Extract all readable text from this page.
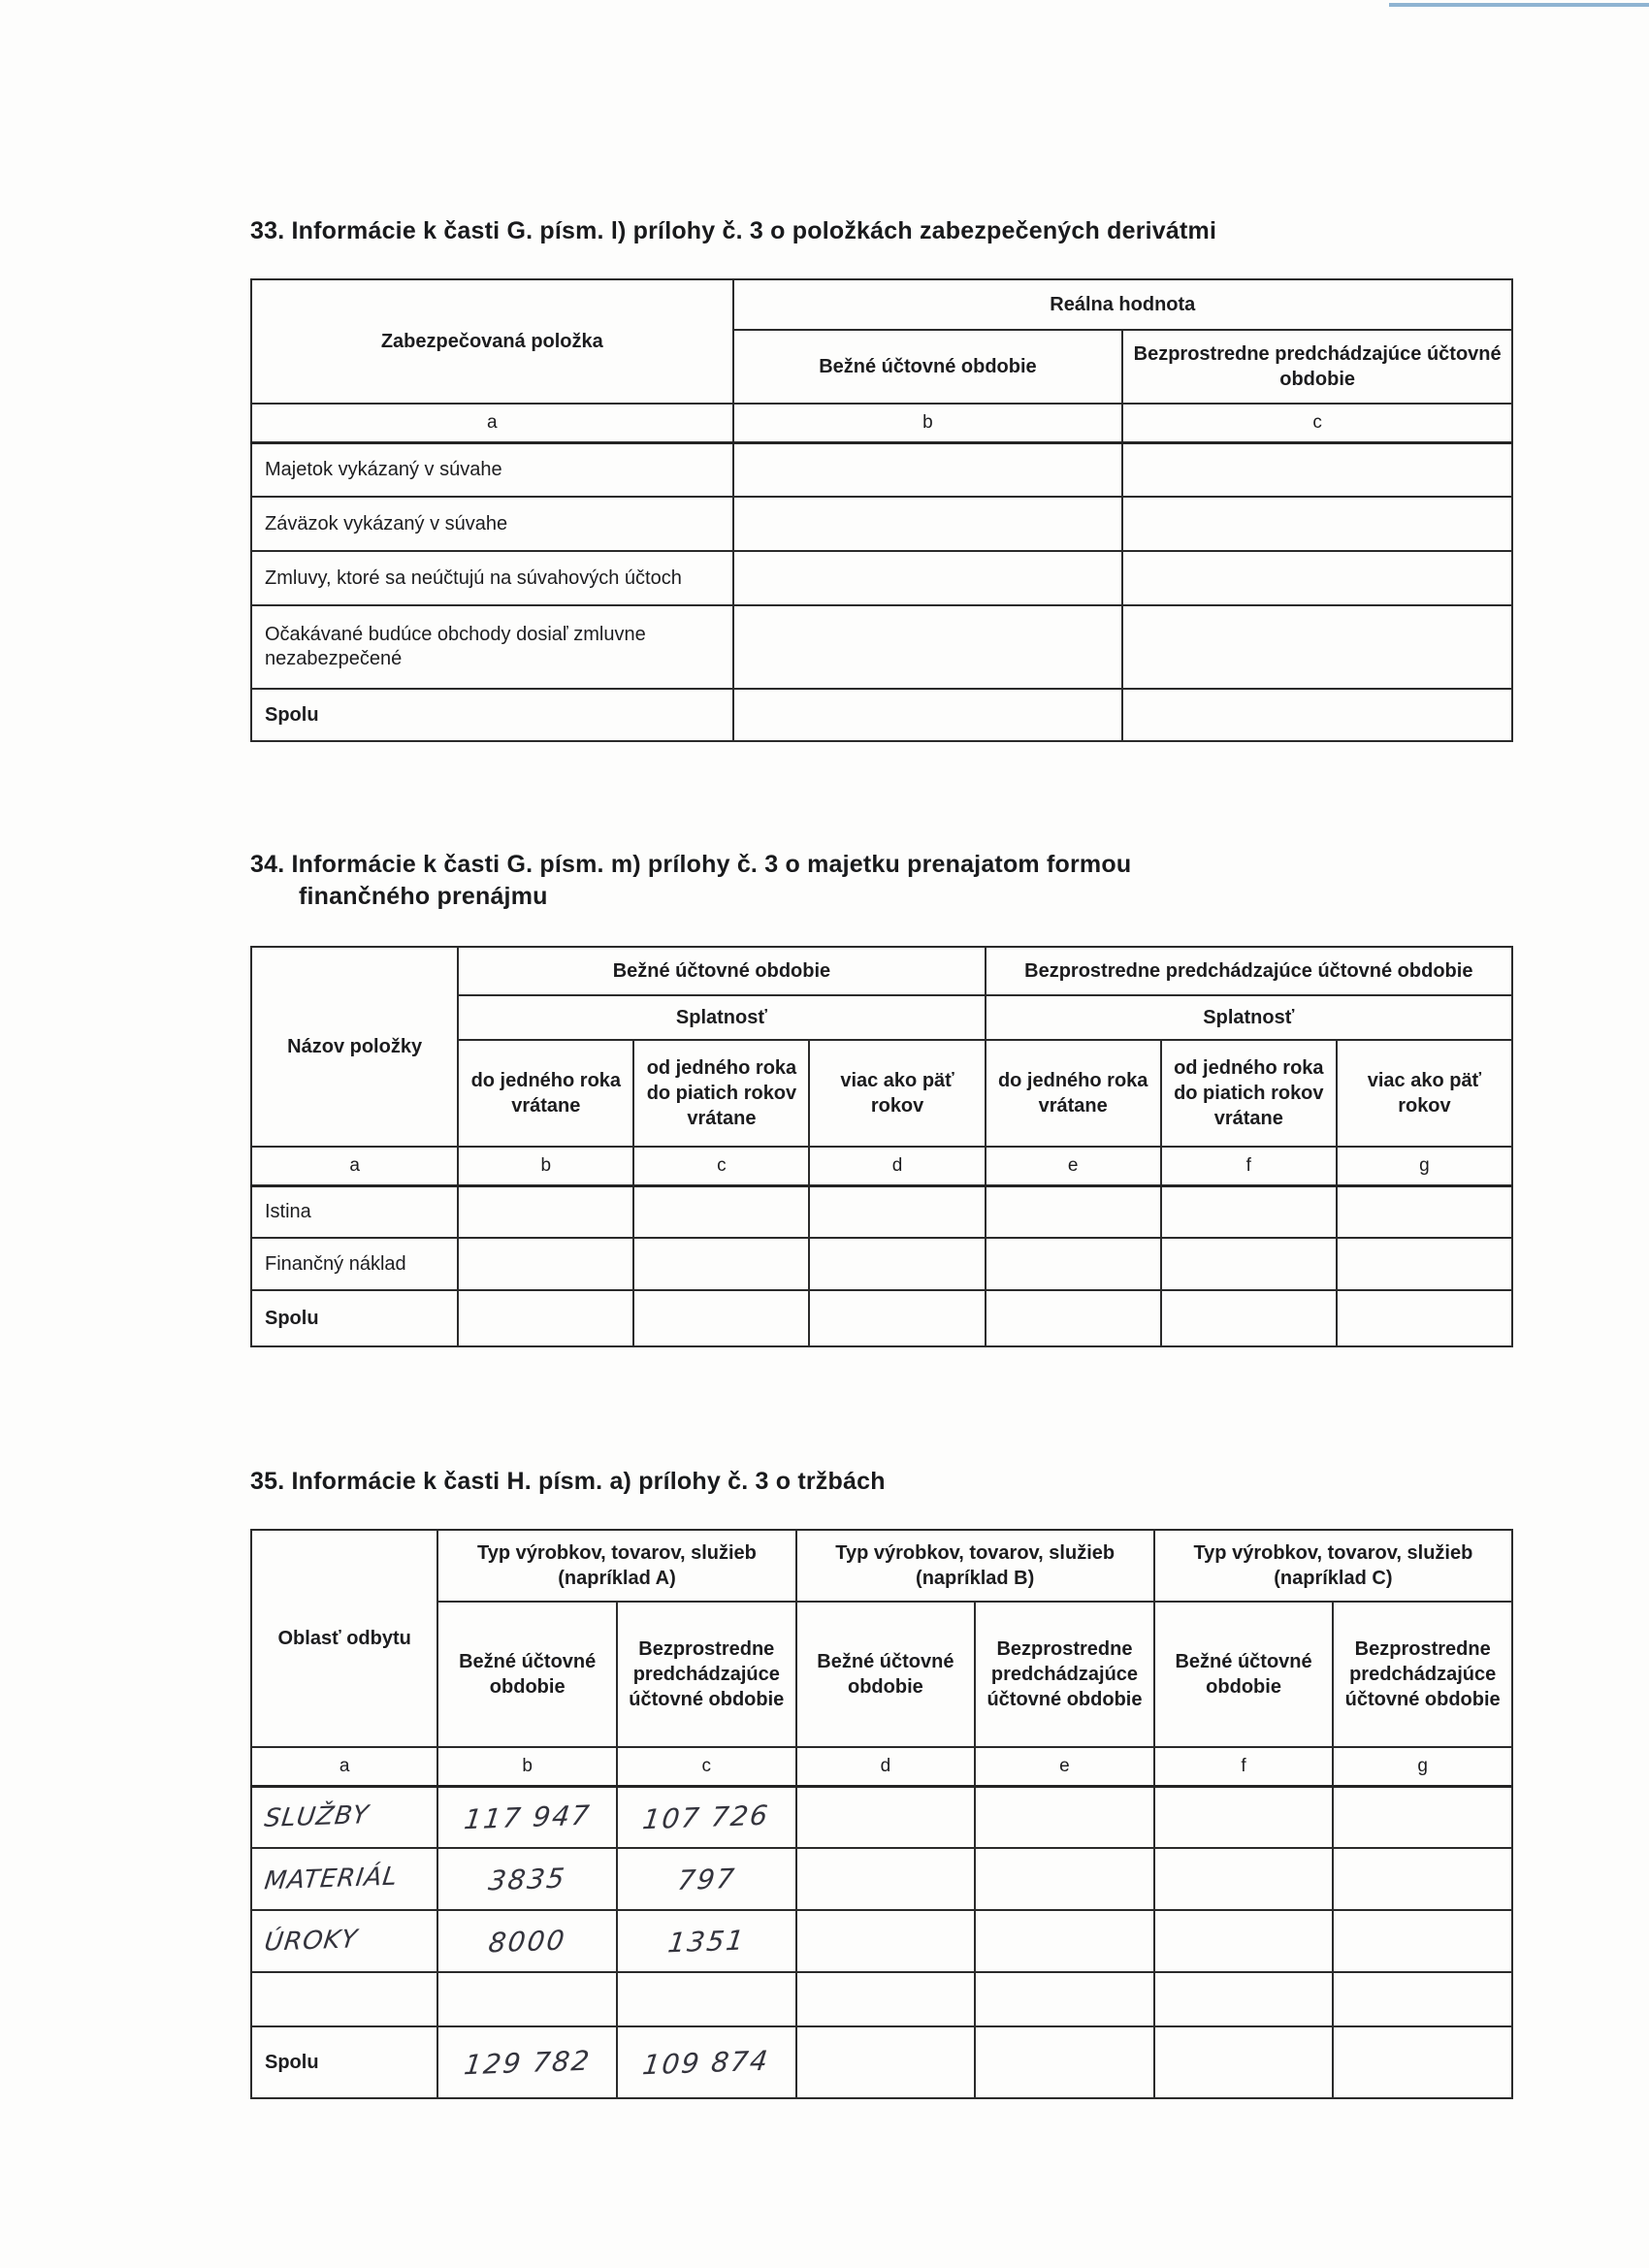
33. Informácie k časti G. písm. l) prílohy č. 3 o položkách zabezpečených derivátmi
Zabezpečovaná položka	Reálna hodnota	
	Bežné účtovné obdobie	Bezprostredne predchádzajúce účtovné obdobie
a	b	c
Majetok vykázaný v súvahe		
Záväzok vykázaný v súvahe		
Zmluvy, ktoré sa neúčtujú na súvahových účtoch		
Očakávané budúce obchody dosiaľ zmluvne nezabezpečené		
Spolu		
34. Informácie k časti G. písm. m) prílohy č. 3 o majetku prenajatom formou
finančného prenájmu
Názov položky	Bežné účtovné obdobie			Bezprostredne predchádzajúce účtovné obdobie		
	Splatnosť			Splatnosť		
	do jedného roka vrátane	od jedného roka do piatich rokov vrátane	viac ako päť rokov	do jedného roka vrátane	od jedného roka do piatich rokov vrátane	viac ako päť rokov
a	b	c	d	e	f	g
Istina						
Finančný náklad						
Spolu						
35. Informácie k časti H. písm. a) prílohy č. 3 o tržbách
Oblasť odbytu	Typ výrobkov, tovarov, služieb (napríklad A)		Typ výrobkov, tovarov, služieb (napríklad B)		Typ výrobkov, tovarov, služieb (napríklad C)	
	Bežné účtovné obdobie	Bezprostredne predchádzajúce účtovné obdobie	Bežné účtovné obdobie	Bezprostredne predchádzajúce účtovné obdobie	Bežné účtovné obdobie	Bezprostredne predchádzajúce účtovné obdobie
a	b	c	d	e	f	g
SLUŽBY	117 947	107 726				
MATERIÁL	3835	797				
ÚROKY	8000	1351				

Spolu	129 782	109 874				
